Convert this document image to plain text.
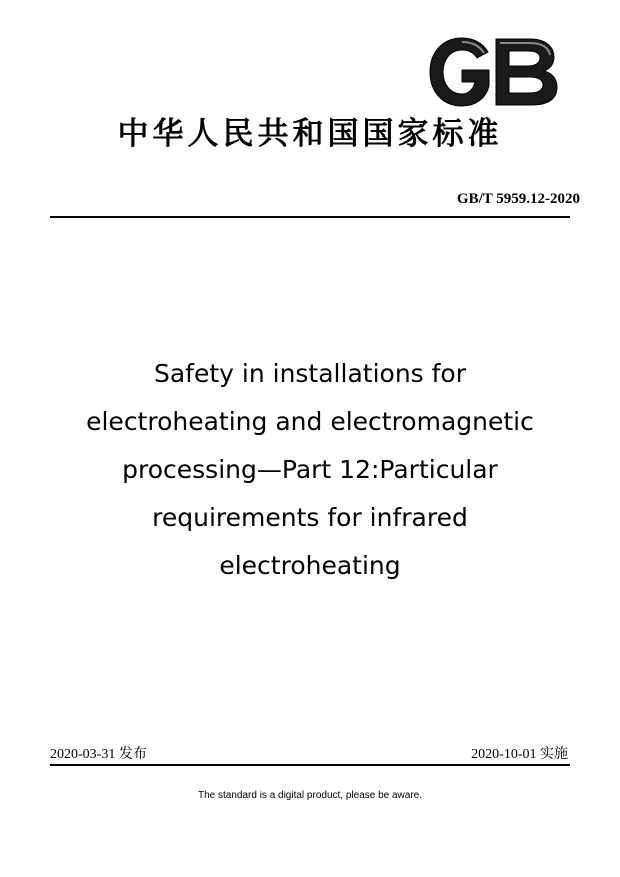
中华人民共和国国家标准
GB/T 5959.12-2020
Safety in installations for
electroheating and electromagnetic
processing—Part 12:Particular
requirements for infrared
electroheating
2020-03-31 发布	2020-10-01 实施
The standard is a digital product, please be aware.
